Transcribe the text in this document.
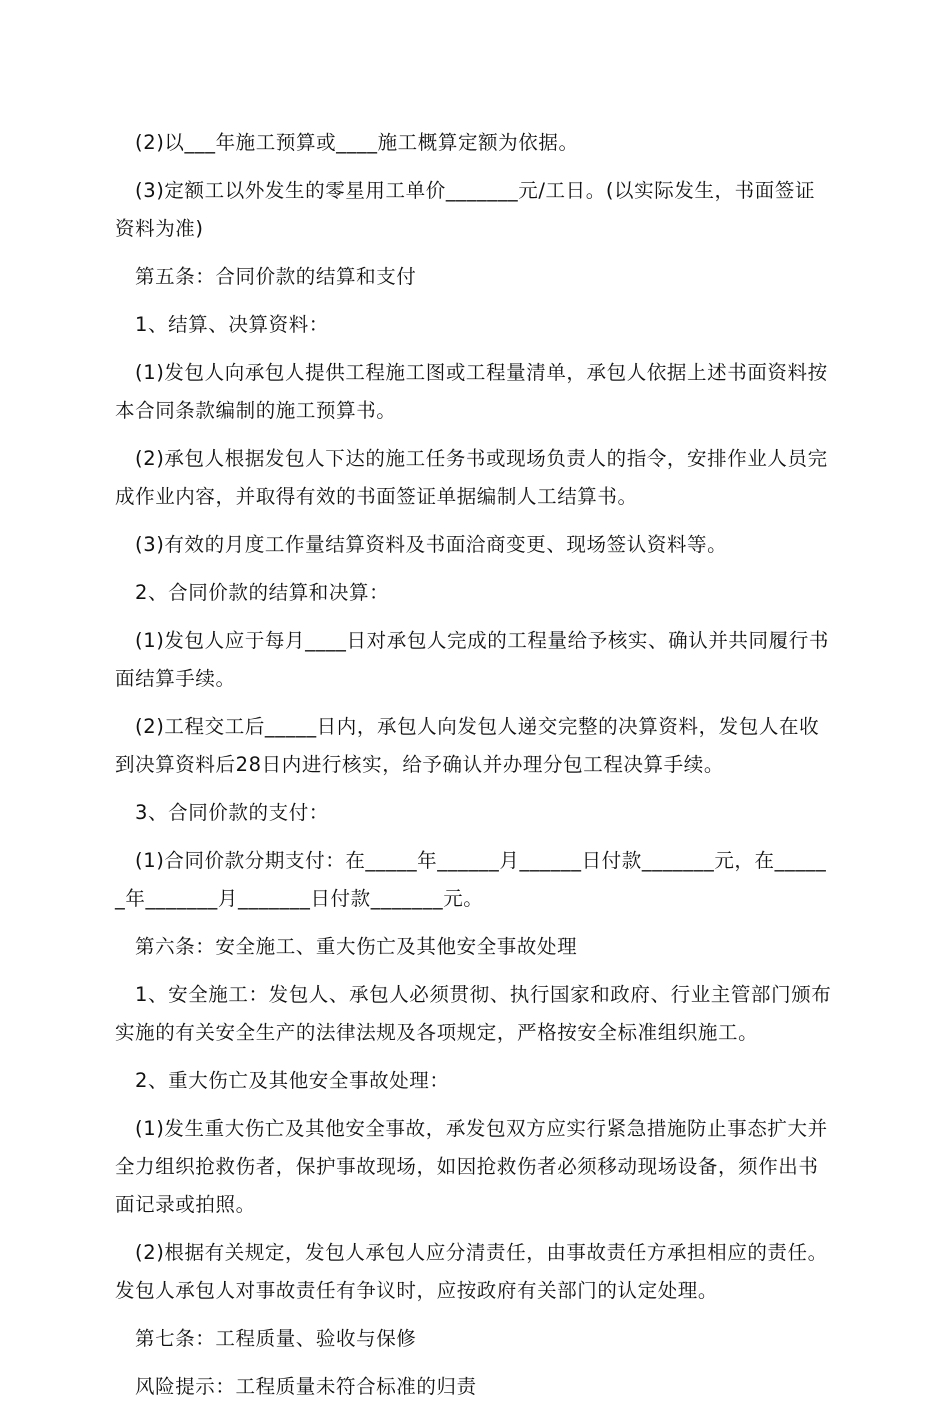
(2)以___年施工预算或____施工概算定额为依据。

(3)定额工以外发生的零星用工单价_______元/工日。(以实际发生，书面签证资料为准)

第五条：合同价款的结算和支付

1、结算、决算资料：

(1)发包人向承包人提供工程施工图或工程量清单，承包人依据上述书面资料按本合同条款编制的施工预算书。

(2)承包人根据发包人下达的施工任务书或现场负责人的指令，安排作业人员完成作业内容，并取得有效的书面签证单据编制人工结算书。

(3)有效的月度工作量结算资料及书面洽商变更、现场签认资料等。

2、合同价款的结算和决算：

(1)发包人应于每月____日对承包人完成的工程量给予核实、确认并共同履行书面结算手续。

(2)工程交工后_____日内，承包人向发包人递交完整的决算资料，发包人在收到决算资料后28日内进行核实，给予确认并办理分包工程决算手续。

3、合同价款的支付：

(1)合同价款分期支付：在_____年______月______日付款_______元，在______年_______月_______日付款_______元。

第六条：安全施工、重大伤亡及其他安全事故处理

1、安全施工：发包人、承包人必须贯彻、执行国家和政府、行业主管部门颁布实施的有关安全生产的法律法规及各项规定，严格按安全标准组织施工。

2、重大伤亡及其他安全事故处理：

(1)发生重大伤亡及其他安全事故，承发包双方应实行紧急措施防止事态扩大并全力组织抢救伤者，保护事故现场，如因抢救伤者必须移动现场设备，须作出书面记录或拍照。

(2)根据有关规定，发包人承包人应分清责任，由事故责任方承担相应的责任。发包人承包人对事故责任有争议时，应按政府有关部门的认定处理。

第七条：工程质量、验收与保修

风险提示：工程质量未符合标准的归责
